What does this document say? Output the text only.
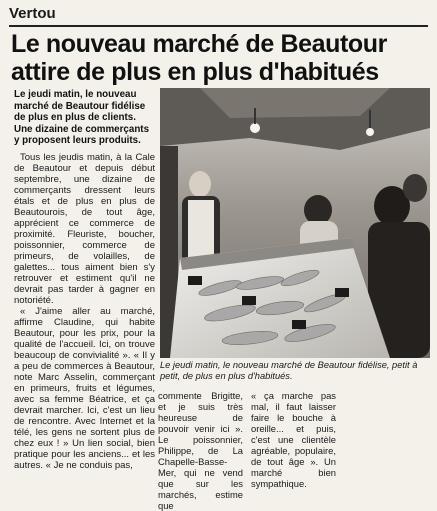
Vertou
Le nouveau marché de Beautour
attire de plus en plus d'habitués
Le jeudi matin, le nouveau marché de Beautour fidélise de plus en plus de clients. Une dizaine de commerçants y proposent leurs produits.

Tous les jeudis matin, à la Cale de Beautour et depuis début septembre, une dizaine de commerçants dressent leurs étals et de plus en plus de Beautourois, de tout âge, apprécient ce commerce de proximité. Fleuriste, boucher, poissonnier, commerce de primeurs, de volailles, de galettes... tous aiment bien s'y retrouver et estiment qu'il ne devrait pas tarder à gagner en notoriété.

« J'aime aller au marché, affirme Claudine, qui habite Beautour, pour les prix, pour la qualité de l'accueil. Ici, on trouve beaucoup de convivialité ». « Il y a peu de commerces à Beautour, note Marc Asselin, commerçant en primeurs, fruits et légumes, avec sa femme Béatrice, et ça devrait marcher. Ici, c'est un lieu de rencontre. Avec Internet et la télé, les gens ne sortent plus de chez eux ! » Un lien social, bien pratique pour les anciens... et les autres. « Je ne conduis pas,

Le jeudi matin, le nouveau marché de Beautour fidélise, petit à petit, de plus en plus d'habitués.

commente Brigitte, et je suis très heureuse de pouvoir venir ici ». Le poissonnier, Philippe, de La Chapelle-Basse-Mer, qui ne vend que sur les marchés, estime que

« ça marche pas mal, il faut laisser faire le bouche à oreille... et puis, c'est une clientèle agréable, populaire, de tout âge ». Un marché bien sympathique.
